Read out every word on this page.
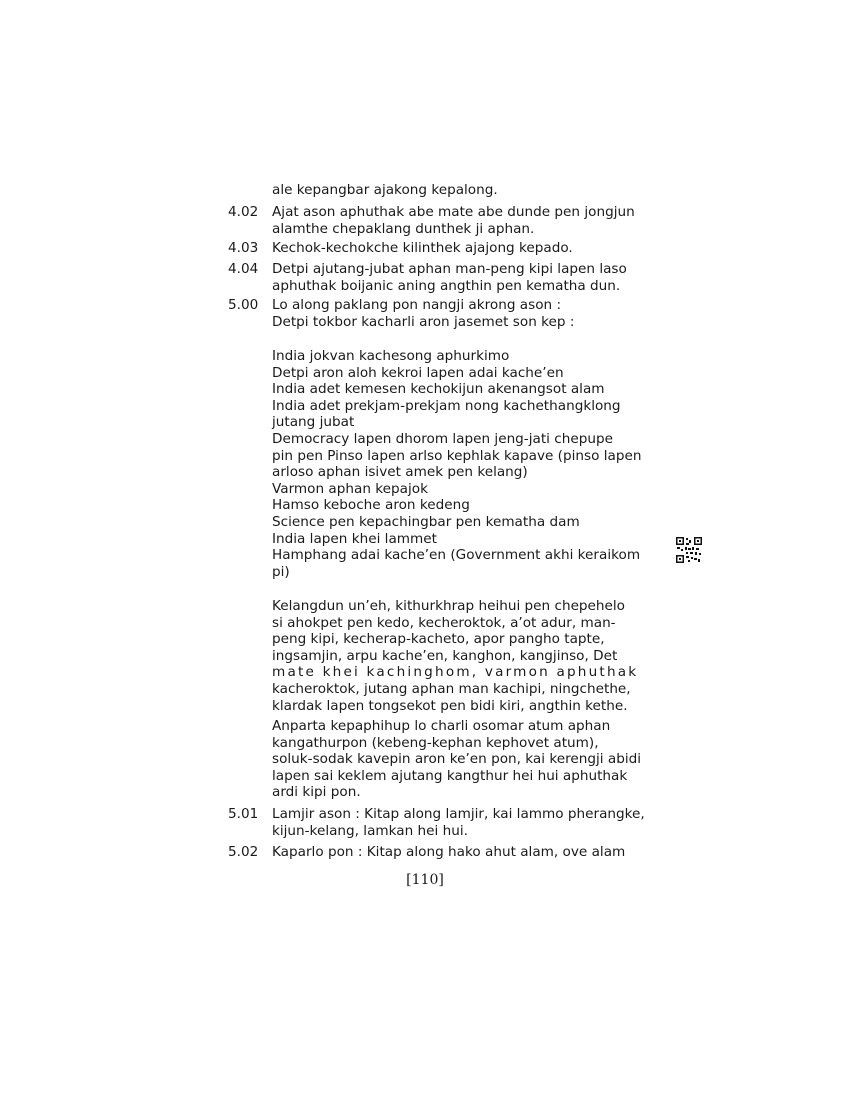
ale kepangbar ajakong kepalong.
4.02	Ajat ason aphuthak abe mate abe dunde pen jongjun
alamthe chepaklang dunthek ji aphan.
4.03	Kechok-kechokche kilinthek ajajong kepado.
4.04	Detpi ajutang-jubat aphan man-peng kipi lapen laso
aphuthak boijanic aning angthin pen kematha dun.
5.00	Lo along paklang pon nangji akrong ason :
Detpi tokbor kacharli aron jasemet son kep :
India jokvan kachesong aphurkimo
Detpi aron aloh kekroi lapen adai kache’en
India adet kemesen kechokijun akenangsot alam
India adet prekjam-prekjam nong kachethangklong
jutang jubat
Democracy lapen dhorom lapen jeng-jati chepupe
pin pen Pinso lapen arlso kephlak kapave (pinso lapen
arloso aphan isivet amek pen kelang)
Varmon aphan kepajok
Hamso keboche aron kedeng
Science pen kepachingbar pen kematha dam
India lapen khei lammet
Hamphang adai kache’en (Government akhi keraikom
pi)
Kelangdun un’eh, kithurkhrap heihui pen chepehelo
si ahokpet pen kedo, kecheroktok, a’ot adur, man-
peng kipi, kecherap-kacheto, apor pangho tapte,
ingsamjin, arpu kache’en, kanghon, kangjinso, Det
mate khei kachinghom, varmon aphuthak
kacheroktok, jutang aphan man kachipi, ningchethe,
klardak lapen tongsekot pen bidi kiri, angthin kethe.
Anparta kepaphihup lo charli osomar atum aphan
kangathurpon (kebeng-kephan kephovet atum),
soluk-sodak kavepin aron ke’en pon, kai kerengji abidi
lapen sai keklem ajutang kangthur hei hui aphuthak
ardi kipi pon.
5.01	Lamjir ason : Kitap along lamjir, kai lammo pherangke,
kijun-kelang, lamkan hei hui.
5.02	Kaparlo pon : Kitap along hako ahut alam, ove alam
[110]
